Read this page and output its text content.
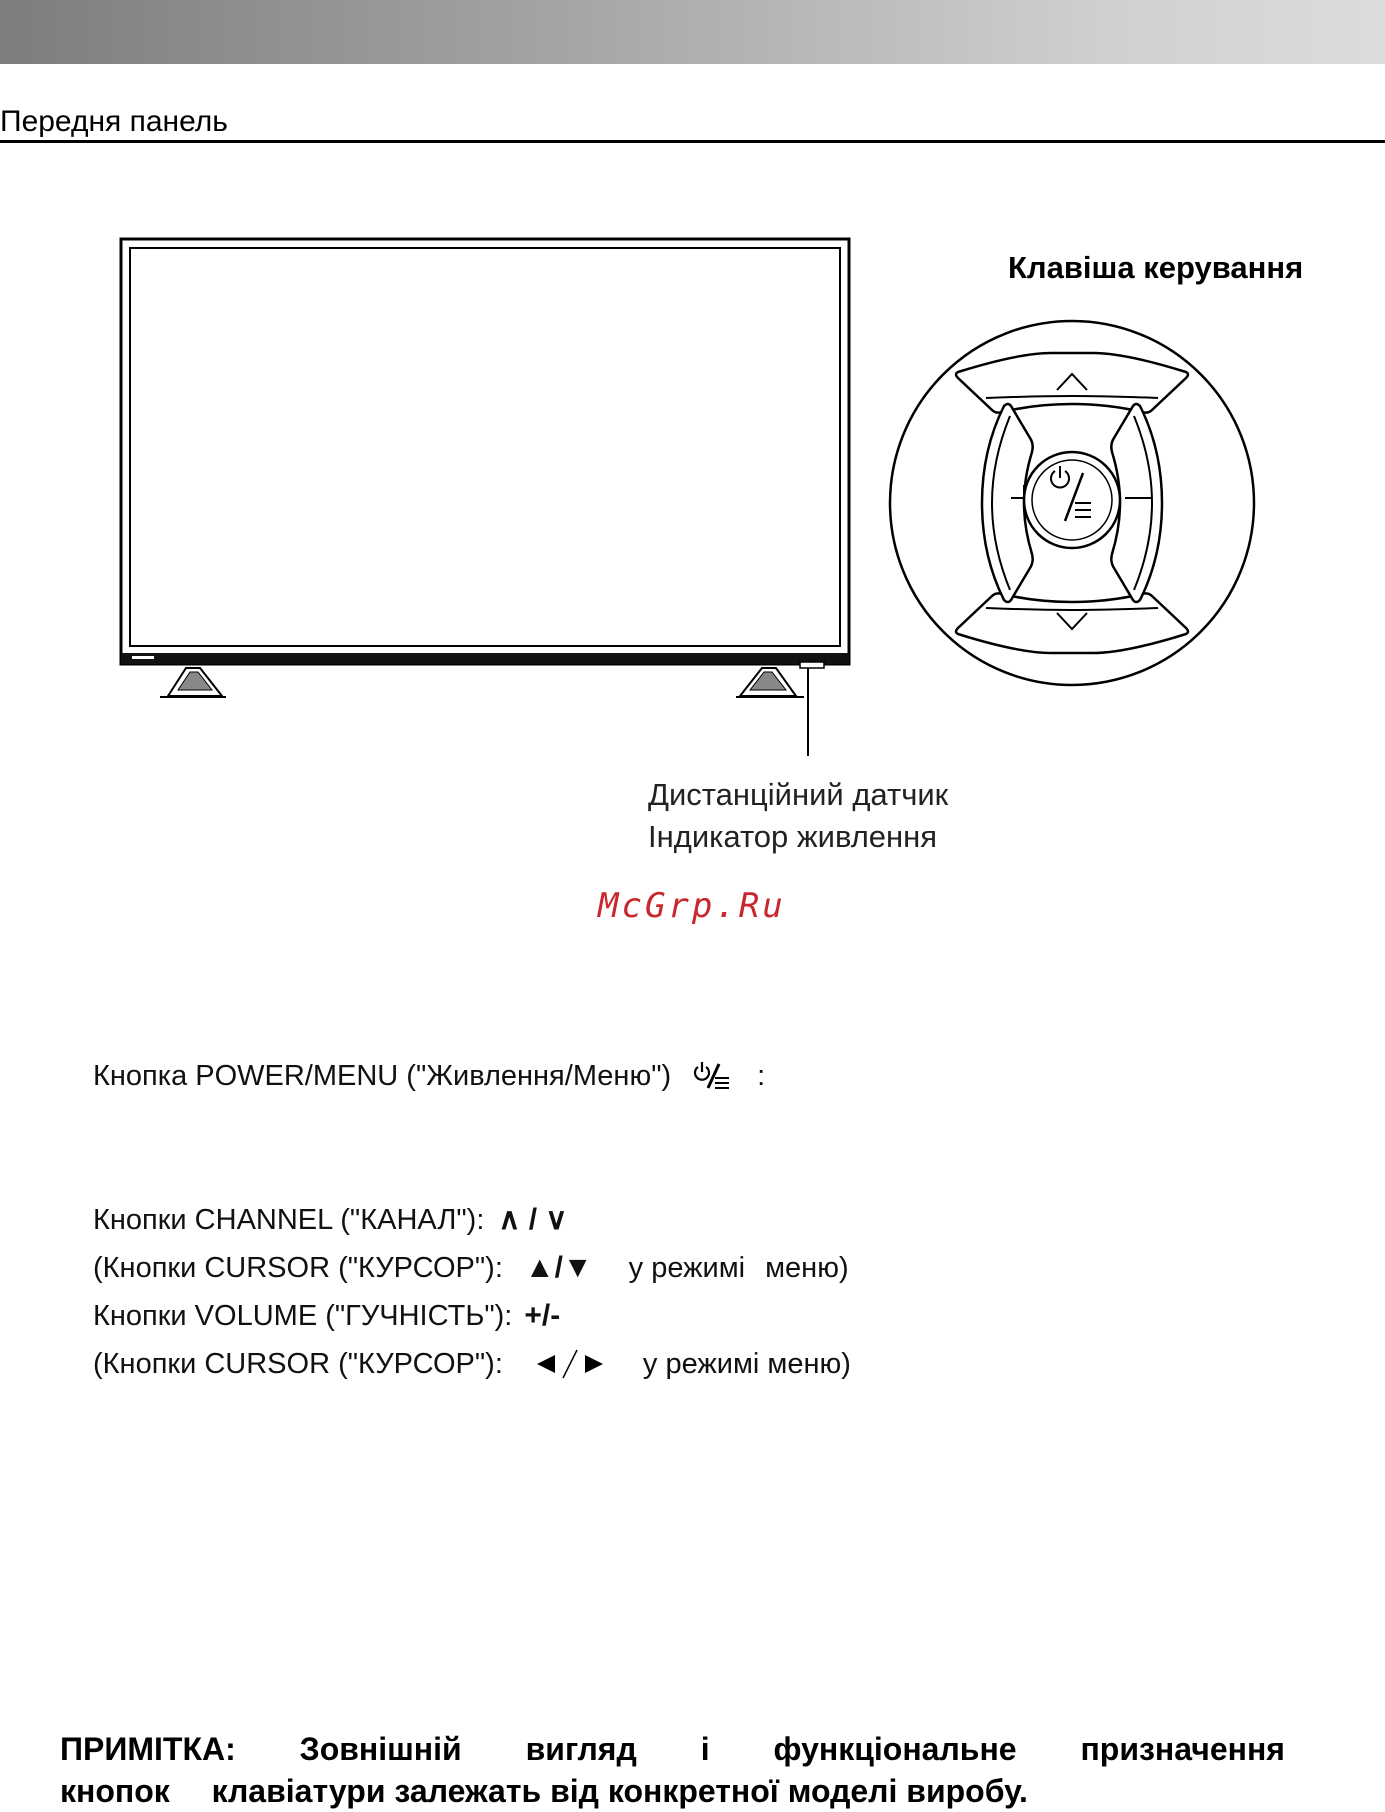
Передня панель
Клавіша керування
Дистанційний датчик
Індикатор живлення
McGrp.Ru
Кнопка POWER/MENU ("Живлення/Меню")	:
Кнопки CHANNEL ("КАНАЛ"): ∧ / ∨
(Кнопки CURSOR ("КУРСОР"): ▲/▼ у режимі меню)
Кнопки VOLUME ("ГУЧНІСТЬ"): +/-
(Кнопки CURSOR ("КУРСОР"):	у режимі меню)
ПРИМІТКА: Зовнішній вигляд і функціональне призначення
кнопок клавіатури залежать від конкретної моделі виробу.
